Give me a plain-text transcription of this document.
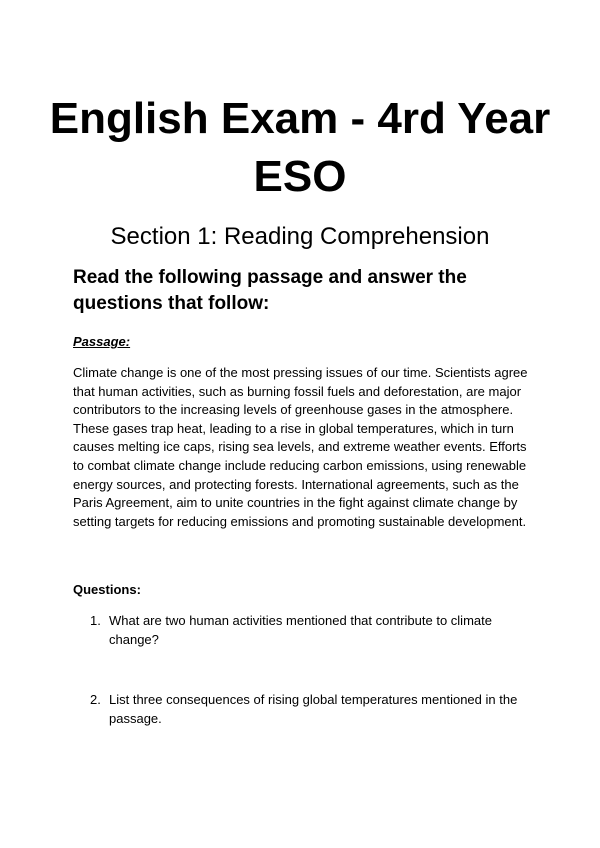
English Exam - 4rd Year ESO
Section 1: Reading Comprehension

Read the following passage and answer the questions that follow:

Passage:

Climate change is one of the most pressing issues of our time. Scientists agree that human activities, such as burning fossil fuels and deforestation, are major contributors to the increasing levels of greenhouse gases in the atmosphere. These gases trap heat, leading to a rise in global temperatures, which in turn causes melting ice caps, rising sea levels, and extreme weather events. Efforts to combat climate change include reducing carbon emissions, using renewable energy sources, and protecting forests. International agreements, such as the Paris Agreement, aim to unite countries in the fight against climate change by setting targets for reducing emissions and promoting sustainable development.

Questions:

1. What are two human activities mentioned that contribute to climate change?
2. List three consequences of rising global temperatures mentioned in the passage.
